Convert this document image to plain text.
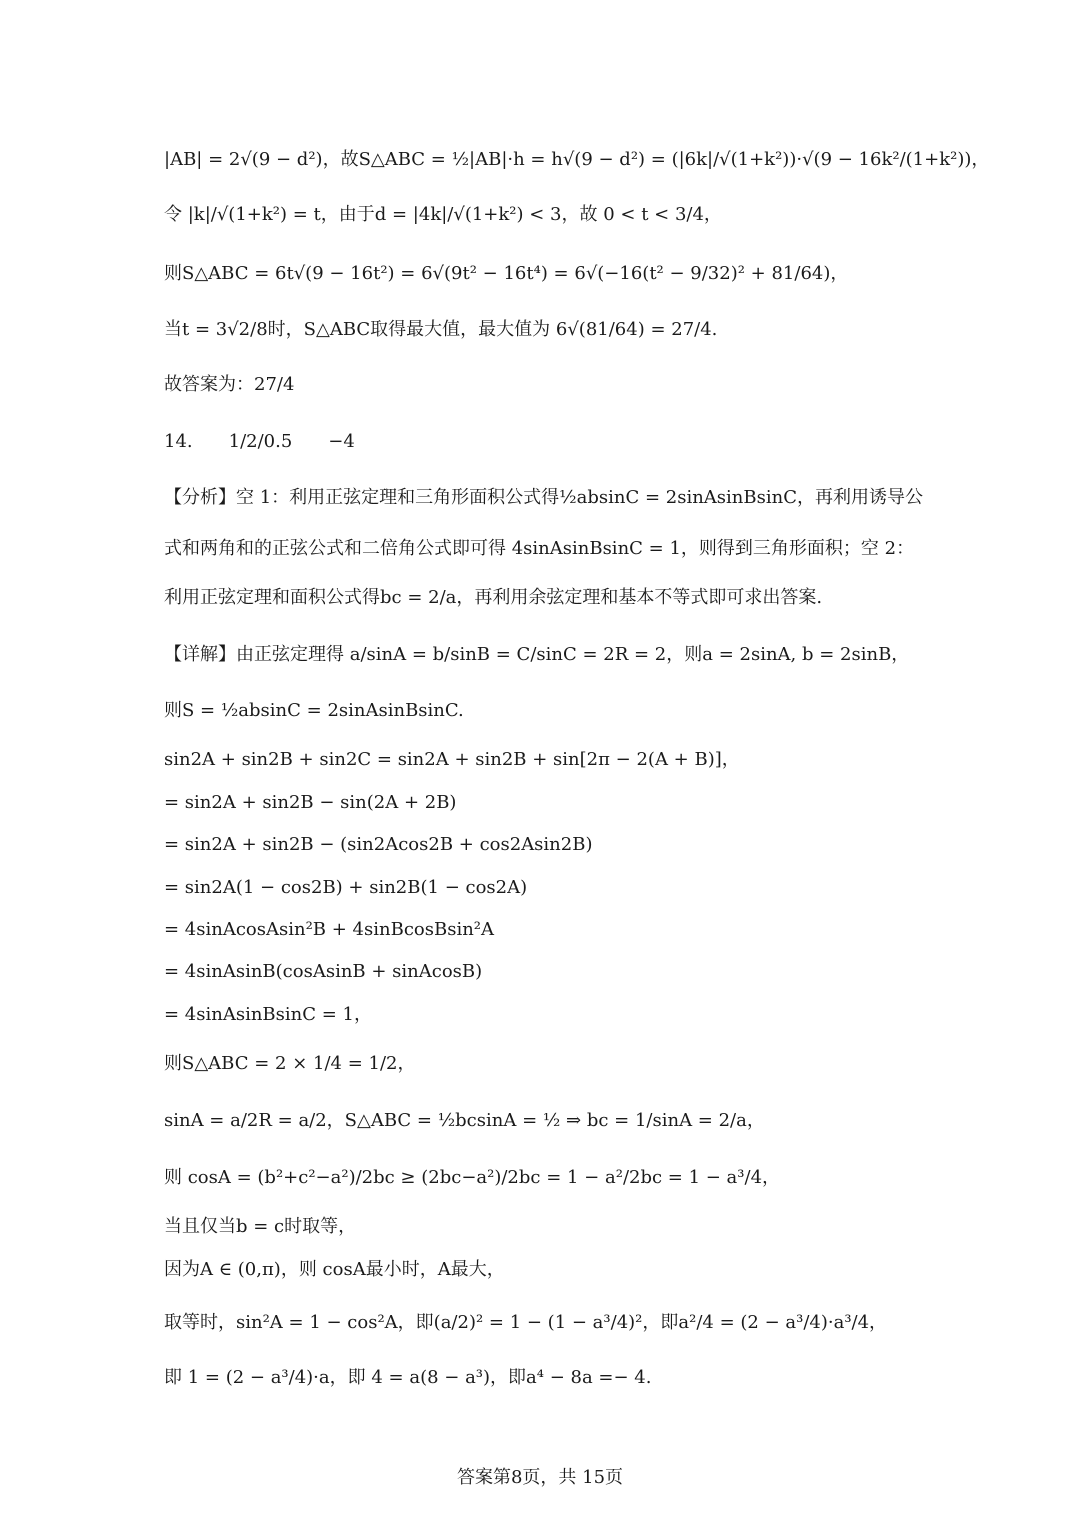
|AB| = 2√(9 − d²)，故S△ABC = ½|AB|·h = h√(9 − d²) = (|6k|/√(1+k²))·√(9 − 16k²/(1+k²))，
令 |k|/√(1+k²) = t，由于d = |4k|/√(1+k²) < 3，故 0 < t < 3/4，
则S△ABC = 6t√(9 − 16t²) = 6√(9t² − 16t⁴) = 6√(−16(t² − 9/32)² + 81/64)，
当t = 3√2/8时，S△ABC取得最大值，最大值为 6√(81/64) = 27/4.
故答案为：27/4
14.　　1/2/0.5　　−4
【分析】空 1：利用正弦定理和三角形面积公式得½absinC = 2sinAsinBsinC，再利用诱导公
式和两角和的正弦公式和二倍角公式即可得 4sinAsinBsinC = 1，则得到三角形面积；空 2：
利用正弦定理和面积公式得bc = 2/a，再利用余弦定理和基本不等式即可求出答案.
【详解】由正弦定理得 a/sinA = b/sinB = C/sinC = 2R = 2，则a = 2sinA, b = 2sinB，
则S = ½absinC = 2sinAsinBsinC.
sin2A + sin2B + sin2C = sin2A + sin2B + sin[2π − 2(A + B)]，
= sin2A + sin2B − sin(2A + 2B)
= sin2A + sin2B − (sin2Acos2B + cos2Asin2B)
= sin2A(1 − cos2B) + sin2B(1 − cos2A)
= 4sinAcosAsin²B + 4sinBcosBsin²A
= 4sinAsinB(cosAsinB + sinAcosB)
= 4sinAsinBsinC = 1，
则S△ABC = 2 × 1/4 = 1/2，
sinA = a/2R = a/2，S△ABC = ½bcsinA = ½ ⇒ bc = 1/sinA = 2/a，
则 cosA = (b²+c²−a²)/2bc ≥ (2bc−a²)/2bc = 1 − a²/2bc = 1 − a³/4，
当且仅当b = c时取等，
因为A ∈ (0,π)，则 cosA最小时，A最大，
取等时，sin²A = 1 − cos²A，即(a/2)² = 1 − (1 − a³/4)²，即a²/4 = (2 − a³/4)·a³/4，
即 1 = (2 − a³/4)·a，即 4 = a(8 − a³)，即a⁴ − 8a =− 4.
答案第8页，共 15页
